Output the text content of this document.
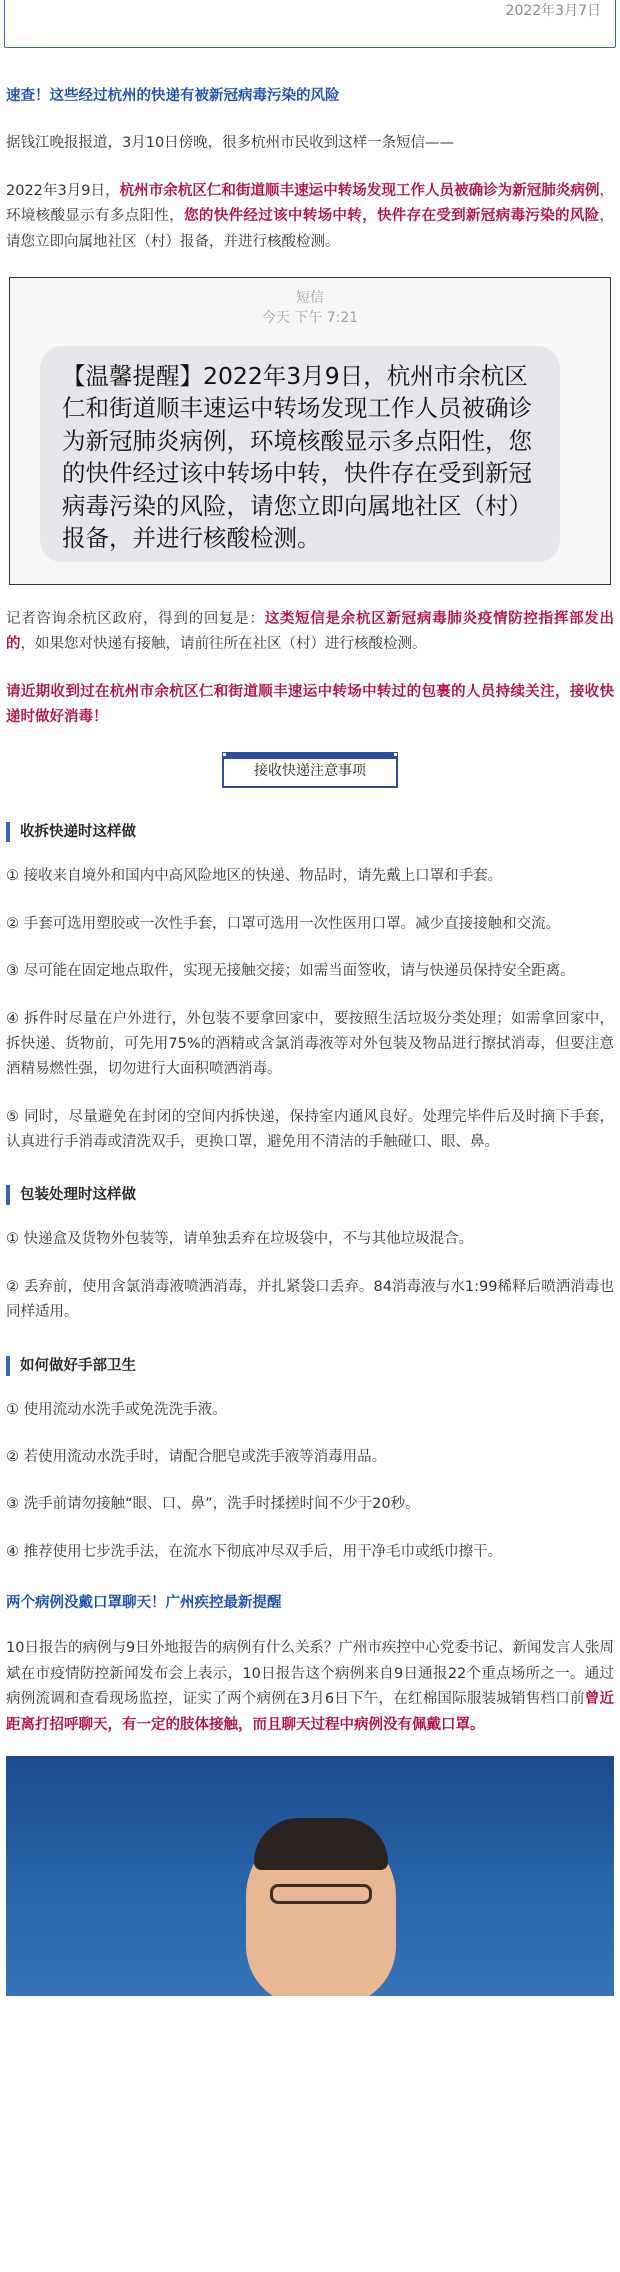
2022年3月7日
速查！这些经过杭州的快递有被新冠病毒污染的风险

据钱江晚报报道，3月10日傍晚，很多杭州市民收到这样一条短信——

2022年3月9日，杭州市余杭区仁和街道顺丰速运中转场发现工作人员被确诊为新冠肺炎病例，环境核酸显示有多点阳性，您的快件经过该中转场中转，快件存在受到新冠病毒污染的风险，请您立即向属地社区（村）报备，并进行核酸检测。

短信
今天 下午 7:21
【温馨提醒】2022年3月9日，杭州市余杭区仁和街道顺丰速运中转场发现工作人员被确诊为新冠肺炎病例，环境核酸显示多点阳性，您的快件经过该中转场中转，快件存在受到新冠病毒污染的风险，请您立即向属地社区（村）报备，并进行核酸检测。

记者咨询余杭区政府，得到的回复是：这类短信是余杭区新冠病毒肺炎疫情防控指挥部发出的，如果您对快递有接触，请前往所在社区（村）进行核酸检测。

请近期收到过在杭州市余杭区仁和街道顺丰速运中转场中转过的包裹的人员持续关注，接收快递时做好消毒！

接收快递注意事项
收拆快递时这样做

① 接收来自境外和国内中高风险地区的快递、物品时，请先戴上口罩和手套。

② 手套可选用塑胶或一次性手套，口罩可选用一次性医用口罩。减少直接接触和交流。

③ 尽可能在固定地点取件，实现无接触交接；如需当面签收，请与快递员保持安全距离。

④ 拆件时尽量在户外进行，外包装不要拿回家中，要按照生活垃圾分类处理；如需拿回家中，拆快递、货物前，可先用75%的酒精或含氯消毒液等对外包装及物品进行擦拭消毒，但要注意酒精易燃性强，切勿进行大面积喷洒消毒。

⑤ 同时，尽量避免在封闭的空间内拆快递，保持室内通风良好。处理完毕件后及时摘下手套，认真进行手消毒或清洗双手，更换口罩，避免用不清洁的手触碰口、眼、鼻。

包装处理时这样做

① 快递盒及货物外包装等，请单独丢弃在垃圾袋中，不与其他垃圾混合。

② 丢弃前，使用含氯消毒液喷洒消毒，并扎紧袋口丢弃。84消毒液与水1:99稀释后喷洒消毒也同样适用。

如何做好手部卫生

① 使用流动水洗手或免洗洗手液。

② 若使用流动水洗手时，请配合肥皂或洗手液等消毒用品。

③ 洗手前请勿接触“眼、口、鼻”，洗手时揉搓时间不少于20秒。

④ 推荐使用七步洗手法，在流水下彻底冲尽双手后，用干净毛巾或纸巾擦干。

两个病例没戴口罩聊天！广州疾控最新提醒

10日报告的病例与9日外地报告的病例有什么关系？广州市疾控中心党委书记、新闻发言人张周斌在市疫情防控新闻发布会上表示，10日报告这个病例来自9日通报22个重点场所之一。通过病例流调和查看现场监控，证实了两个病例在3月6日下午，在红棉国际服装城销售档口前曾近距离打招呼聊天，有一定的肢体接触，而且聊天过程中病例没有佩戴口罩。
